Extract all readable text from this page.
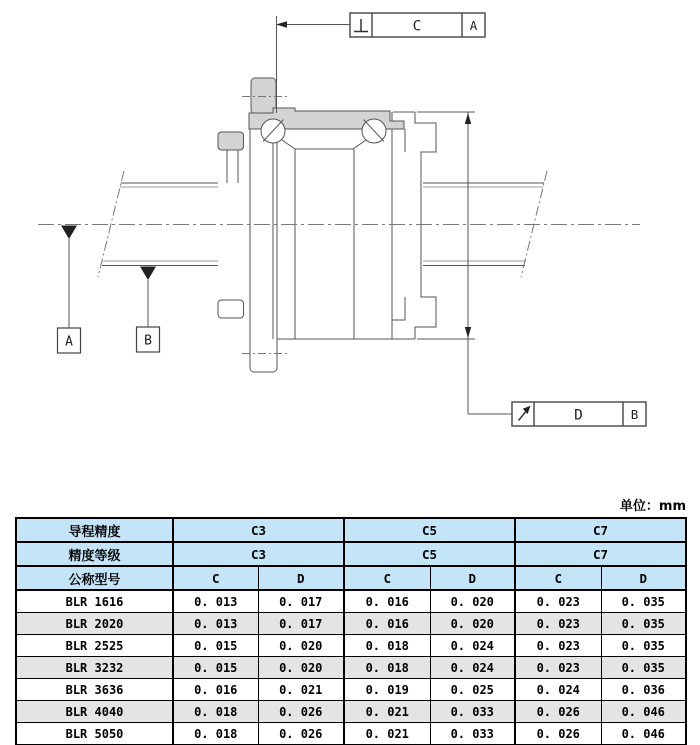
A	B
C	A
D	B
单位：mm
导程精度	C3		C5		C7	
精度等级	C3		C5		C7	
公称型号	C	D	C	D	C	D
BLR 1616	0. 013	0. 017	0. 016	0. 020	0. 023	0. 035
BLR 2020	0. 013	0. 017	0. 016	0. 020	0. 023	0. 035
BLR 2525	0. 015	0. 020	0. 018	0. 024	0. 023	0. 035
BLR 3232	0. 015	0. 020	0. 018	0. 024	0. 023	0. 035
BLR 3636	0. 016	0. 021	0. 019	0. 025	0. 024	0. 036
BLR 4040	0. 018	0. 026	0. 021	0. 033	0. 026	0. 046
BLR 5050	0. 018	0. 026	0. 021	0. 033	0. 026	0. 046
